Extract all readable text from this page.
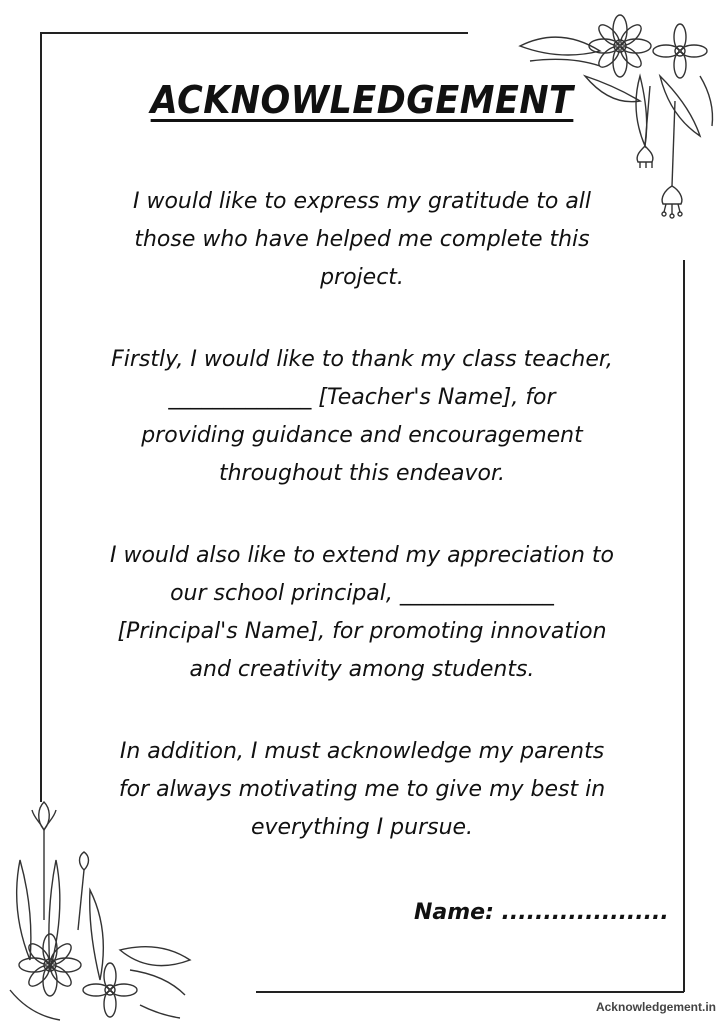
ACKNOWLEDGEMENT

I would like to express my gratitude to all
those who have helped me complete this
project.

Firstly, I would like to thank my class teacher,
_____________ [Teacher's Name], for
providing guidance and encouragement
throughout this endeavor.

I would also like to extend my appreciation to
our school principal, ______________
[Principal's Name], for promoting innovation
and creativity among students.

In addition, I must acknowledge my parents
for always motivating me to give my best in
everything I pursue.

Name: ....................
Acknowledgement.in
